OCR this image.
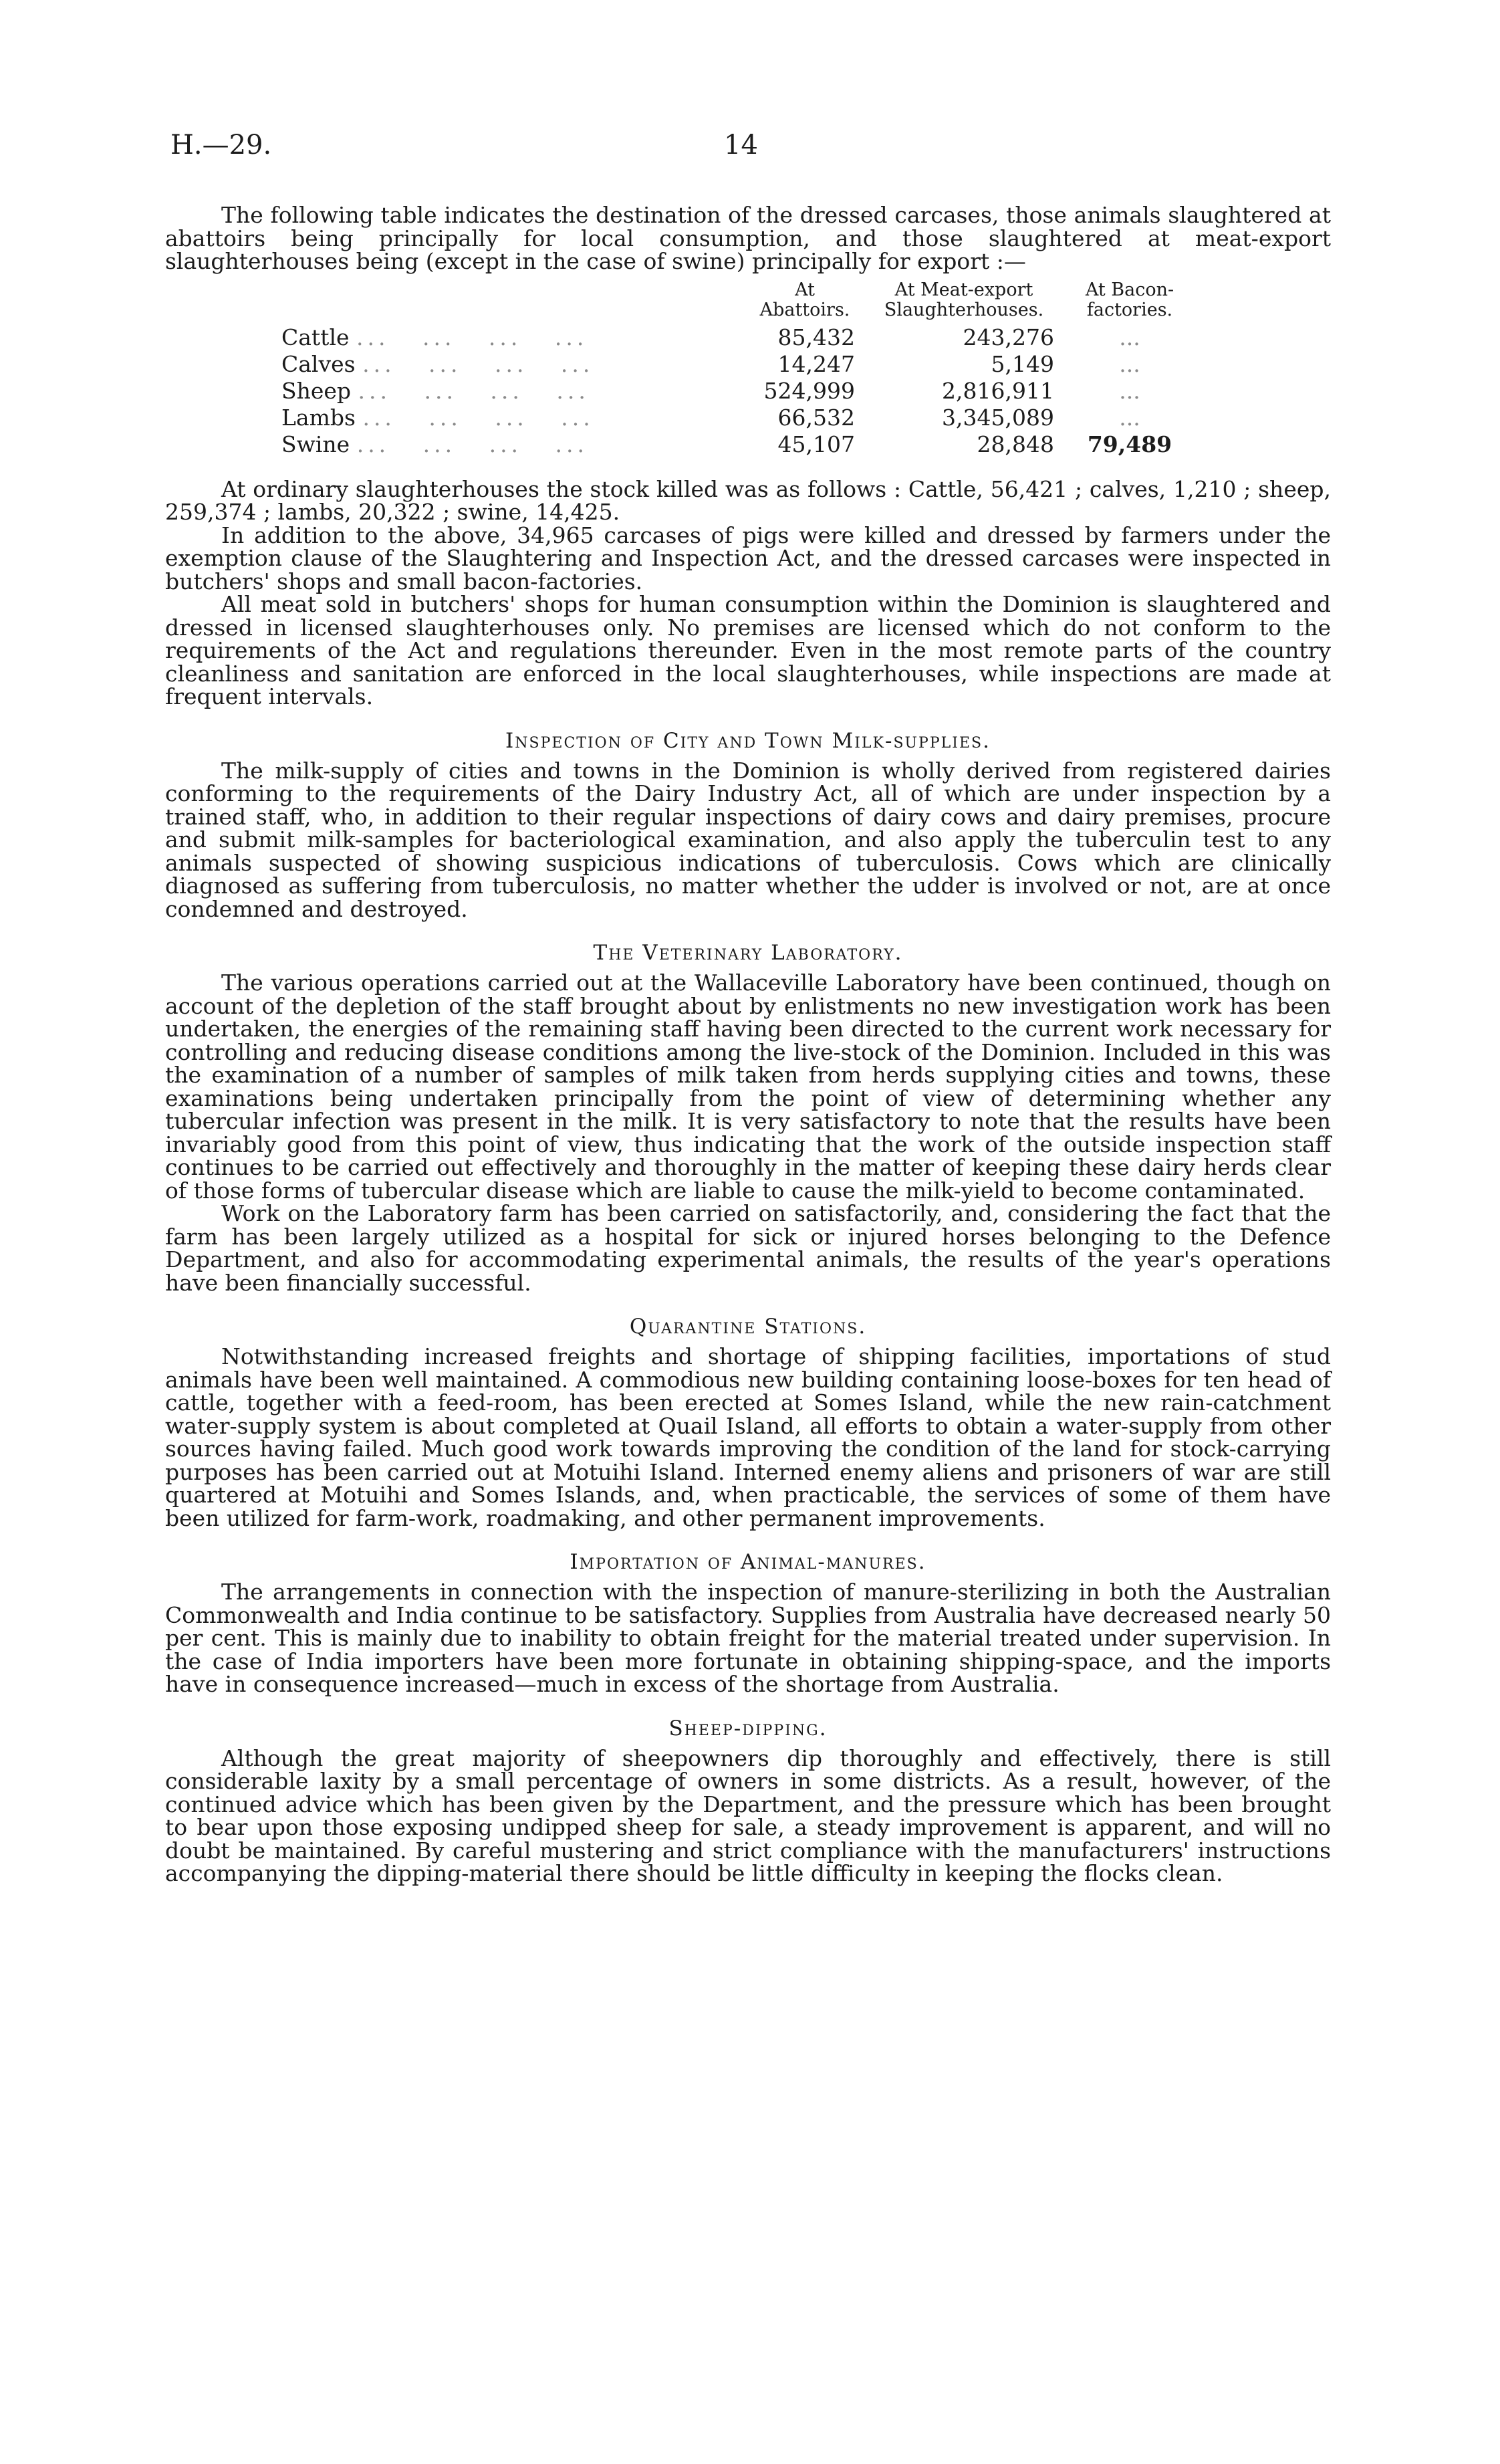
H.—29.	14

The following table indicates the destination of the dressed carcases, those animals slaughtered at abattoirs being principally for local consumption, and those slaughtered at meat-export slaughterhouses being (except in the case of swine) principally for export :—

	At Abattoirs.	At Meat-export Slaughterhouses.	At Bacon-factories.
Cattle ...   ...   ...   ...	85,432	243,276	...
Calves ...   ...   ...   ...	14,247	5,149	...
Sheep ...   ...   ...   ...	524,999	2,816,911	...
Lambs ...   ...   ...   ...	66,532	3,345,089	...
Swine ...   ...   ...   ...	45,107	28,848	79,489

At ordinary slaughterhouses the stock killed was as follows : Cattle, 56,421 ; calves, 1,210 ; sheep, 259,374 ; lambs, 20,322 ; swine, 14,425.

In addition to the above, 34,965 carcases of pigs were killed and dressed by farmers under the exemption clause of the Slaughtering and Inspection Act, and the dressed carcases were inspected in butchers' shops and small bacon-factories.

All meat sold in butchers' shops for human consumption within the Dominion is slaughtered and dressed in licensed slaughterhouses only. No premises are licensed which do not conform to the requirements of the Act and regulations thereunder. Even in the most remote parts of the country cleanliness and sanitation are enforced in the local slaughterhouses, while inspections are made at frequent intervals.

Inspection of City and Town Milk-supplies.

The milk-supply of cities and towns in the Dominion is wholly derived from registered dairies conforming to the requirements of the Dairy Industry Act, all of which are under inspection by a trained staff, who, in addition to their regular inspections of dairy cows and dairy premises, procure and submit milk-samples for bacteriological examination, and also apply the tuberculin test to any animals suspected of showing suspicious indications of tuberculosis. Cows which are clinically diagnosed as suffering from tuberculosis, no matter whether the udder is involved or not, are at once condemned and destroyed.

The Veterinary Laboratory.

The various operations carried out at the Wallaceville Laboratory have been continued, though on account of the depletion of the staff brought about by enlistments no new investigation work has been undertaken, the energies of the remaining staff having been directed to the current work necessary for controlling and reducing disease conditions among the live-stock of the Dominion. Included in this was the examination of a number of samples of milk taken from herds supplying cities and towns, these examinations being undertaken principally from the point of view of determining whether any tubercular infection was present in the milk. It is very satisfactory to note that the results have been invariably good from this point of view, thus indicating that the work of the outside inspection staff continues to be carried out effectively and thoroughly in the matter of keeping these dairy herds clear of those forms of tubercular disease which are liable to cause the milk-yield to become contaminated.

Work on the Laboratory farm has been carried on satisfactorily, and, considering the fact that the farm has been largely utilized as a hospital for sick or injured horses belonging to the Defence Department, and also for accommodating experimental animals, the results of the year's operations have been financially successful.

Quarantine Stations.

Notwithstanding increased freights and shortage of shipping facilities, importations of stud animals have been well maintained. A commodious new building containing loose-boxes for ten head of cattle, together with a feed-room, has been erected at Somes Island, while the new rain-catchment water-supply system is about completed at Quail Island, all efforts to obtain a water-supply from other sources having failed. Much good work towards improving the condition of the land for stock-carrying purposes has been carried out at Motuihi Island. Interned enemy aliens and prisoners of war are still quartered at Motuihi and Somes Islands, and, when practicable, the services of some of them have been utilized for farm-work, roadmaking, and other permanent improvements.

Importation of Animal-manures.

The arrangements in connection with the inspection of manure-sterilizing in both the Australian Commonwealth and India continue to be satisfactory. Supplies from Australia have decreased nearly 50 per cent. This is mainly due to inability to obtain freight for the material treated under supervision. In the case of India importers have been more fortunate in obtaining shipping-space, and the imports have in consequence increased—much in excess of the shortage from Australia.

Sheep-dipping.

Although the great majority of sheepowners dip thoroughly and effectively, there is still considerable laxity by a small percentage of owners in some districts. As a result, however, of the continued advice which has been given by the Department, and the pressure which has been brought to bear upon those exposing undipped sheep for sale, a steady improvement is apparent, and will no doubt be maintained. By careful mustering and strict compliance with the manufacturers' instructions accompanying the dipping-material there should be little difficulty in keeping the flocks clean.
